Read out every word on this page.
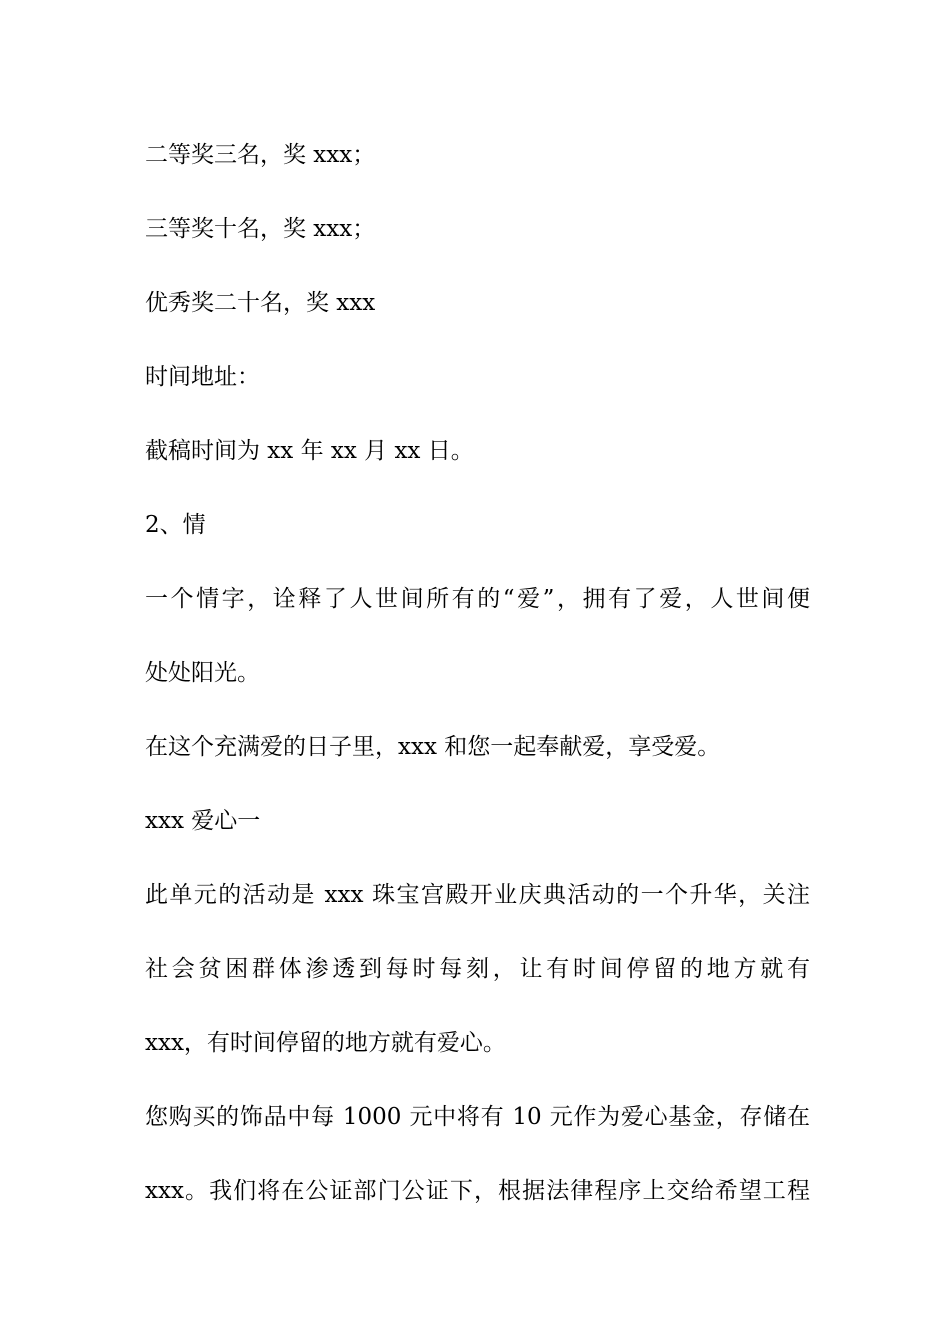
二等奖三名，奖 xxx；
三等奖十名，奖 xxx；
优秀奖二十名，奖 xxx
时间地址：
截稿时间为 xx 年 xx 月 xx 日。
2、情
一个情字，诠释了人世间所有的“爱”，拥有了爱，人世间便
处处阳光。
在这个充满爱的日子里，xxx 和您一起奉献爱，享受爱。
xxx 爱心一
此单元的活动是 xxx 珠宝宫殿开业庆典活动的一个升华，关注
社会贫困群体渗透到每时每刻，让有时间停留的地方就有
xxx，有时间停留的地方就有爱心。
您购买的饰品中每 1000 元中将有 10 元作为爱心基金，存储在
xxx。我们将在公证部门公证下，根据法律程序上交给希望工程
